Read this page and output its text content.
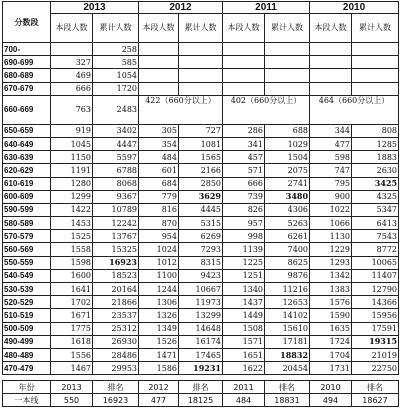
分数段	2013		2012		2011		2010	
	本段人数	累计人数	本段人数	累计人数	本段人数	累计人数	本段人数	累计人数
700-		258						
690-699	327	585						
680-689	469	1054						
670-679	666	1720						
660-669	763	2483	422（660分以上）		402（660分以上）		464（660分以上）	
650-659	919	3402	305	727	286	688	344	808
640-649	1045	4447	354	1081	341	1029	477	1285
630-639	1150	5597	484	1565	457	1504	598	1883
620-629	1191	6788	601	2166	571	2075	747	2630
610-619	1280	8068	684	2850	666	2741	795	3425
600-609	1299	9367	779	3629	739	3480	900	4325
590-599	1422	10789	816	4445	826	4306	1022	5347
580-589	1453	12242	870	5315	957	5263	1066	6413
570-579	1525	13767	954	6269	998	6261	1130	7543
560-569	1558	15325	1024	7293	1139	7400	1229	8772
550-559	1598	16923	1012	8315	1225	8625	1293	10065
540-549	1600	18523	1100	9423	1251	9876	1342	11407
530-539	1641	20164	1244	10667	1340	11216	1383	12790
520-529	1702	21866	1306	11973	1437	12653	1576	14366
510-519	1671	23537	1326	13299	1449	14102	1590	15956
500-509	1775	25312	1349	14648	1508	15610	1635	17591
490-499	1618	26930	1526	16174	1571	17181	1724	19315
480-489	1556	28486	1471	17465	1651	18832	1704	21019
470-479	1467	29953	1586	19231	1622	20454	1731	22750
年份	2013	排名	2012	排名	2011	排名	2010	排名
一本线	550	16923	477	18125	484	18831	494	18627
